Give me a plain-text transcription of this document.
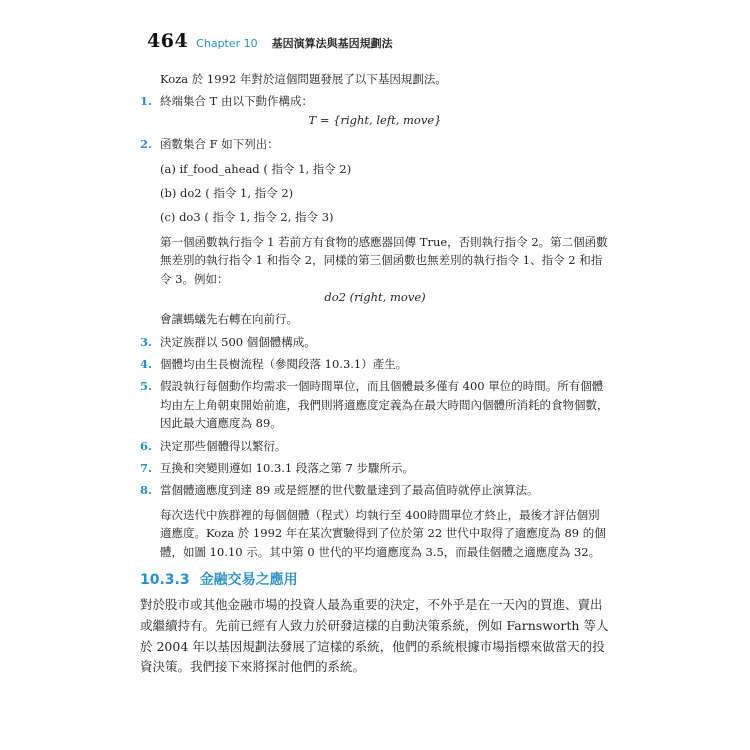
464 Chapter 10 基因演算法與基因規劃法

Koza 於 1992 年對於這個問題發展了以下基因規劃法。

1. 終端集合 T 由以下動作構成：
T = {right, left, move}
2. 函數集合 F 如下列出：
(a) if_food_ahead ( 指令 1, 指令 2)
(b) do2 ( 指令 1, 指令 2)
(c) do3 ( 指令 1, 指令 2, 指令 3)

第一個函數執行指令 1 若前方有食物的感應器回傳 True，否則執行指令 2。第二個函數無差別的執行指令 1 和指令 2，同樣的第三個函數也無差別的執行指令 1、指令 2 和指令 3。例如：

do2 (right, move)

會讓螞蟻先右轉在向前行。

3. 決定族群以 500 個個體構成。
4. 個體均由生長樹流程（參閱段落 10.3.1）產生。
5. 假設執行每個動作均需求一個時間單位，而且個體最多僅有 400 單位的時間。所有個體均由左上角朝東開始前進，我們則將適應度定義為在最大時間內個體所消耗的食物個數，因此最大適應度為 89。
6. 決定那些個體得以繁衍。
7. 互換和突變則遵如 10.3.1 段落之第 7 步驟所示。
8. 當個體適應度到達 89 或是經歷的世代數量達到了最高值時就停止演算法。

每次迭代中族群裡的每個個體（程式）均執行至 400時間單位才終止，最後才評估個別適應度。Koza 於 1992 年在某次實驗得到了位於第 22 世代中取得了適應度為 89 的個體，如圖 10.10 示。其中第 0 世代的平均適應度為 3.5，而最佳個體之適應度為 32。

10.3.3 金融交易之應用

對於股市或其他金融市場的投資人最為重要的決定，不外乎是在一天內的買進、賣出或繼續持有。先前已經有人致力於研發這樣的自動決策系統，例如 Farnsworth 等人於 2004 年以基因規劃法發展了這樣的系統，他們的系統根據市場指標來做當天的投資決策。我們接下來將探討他們的系統。
